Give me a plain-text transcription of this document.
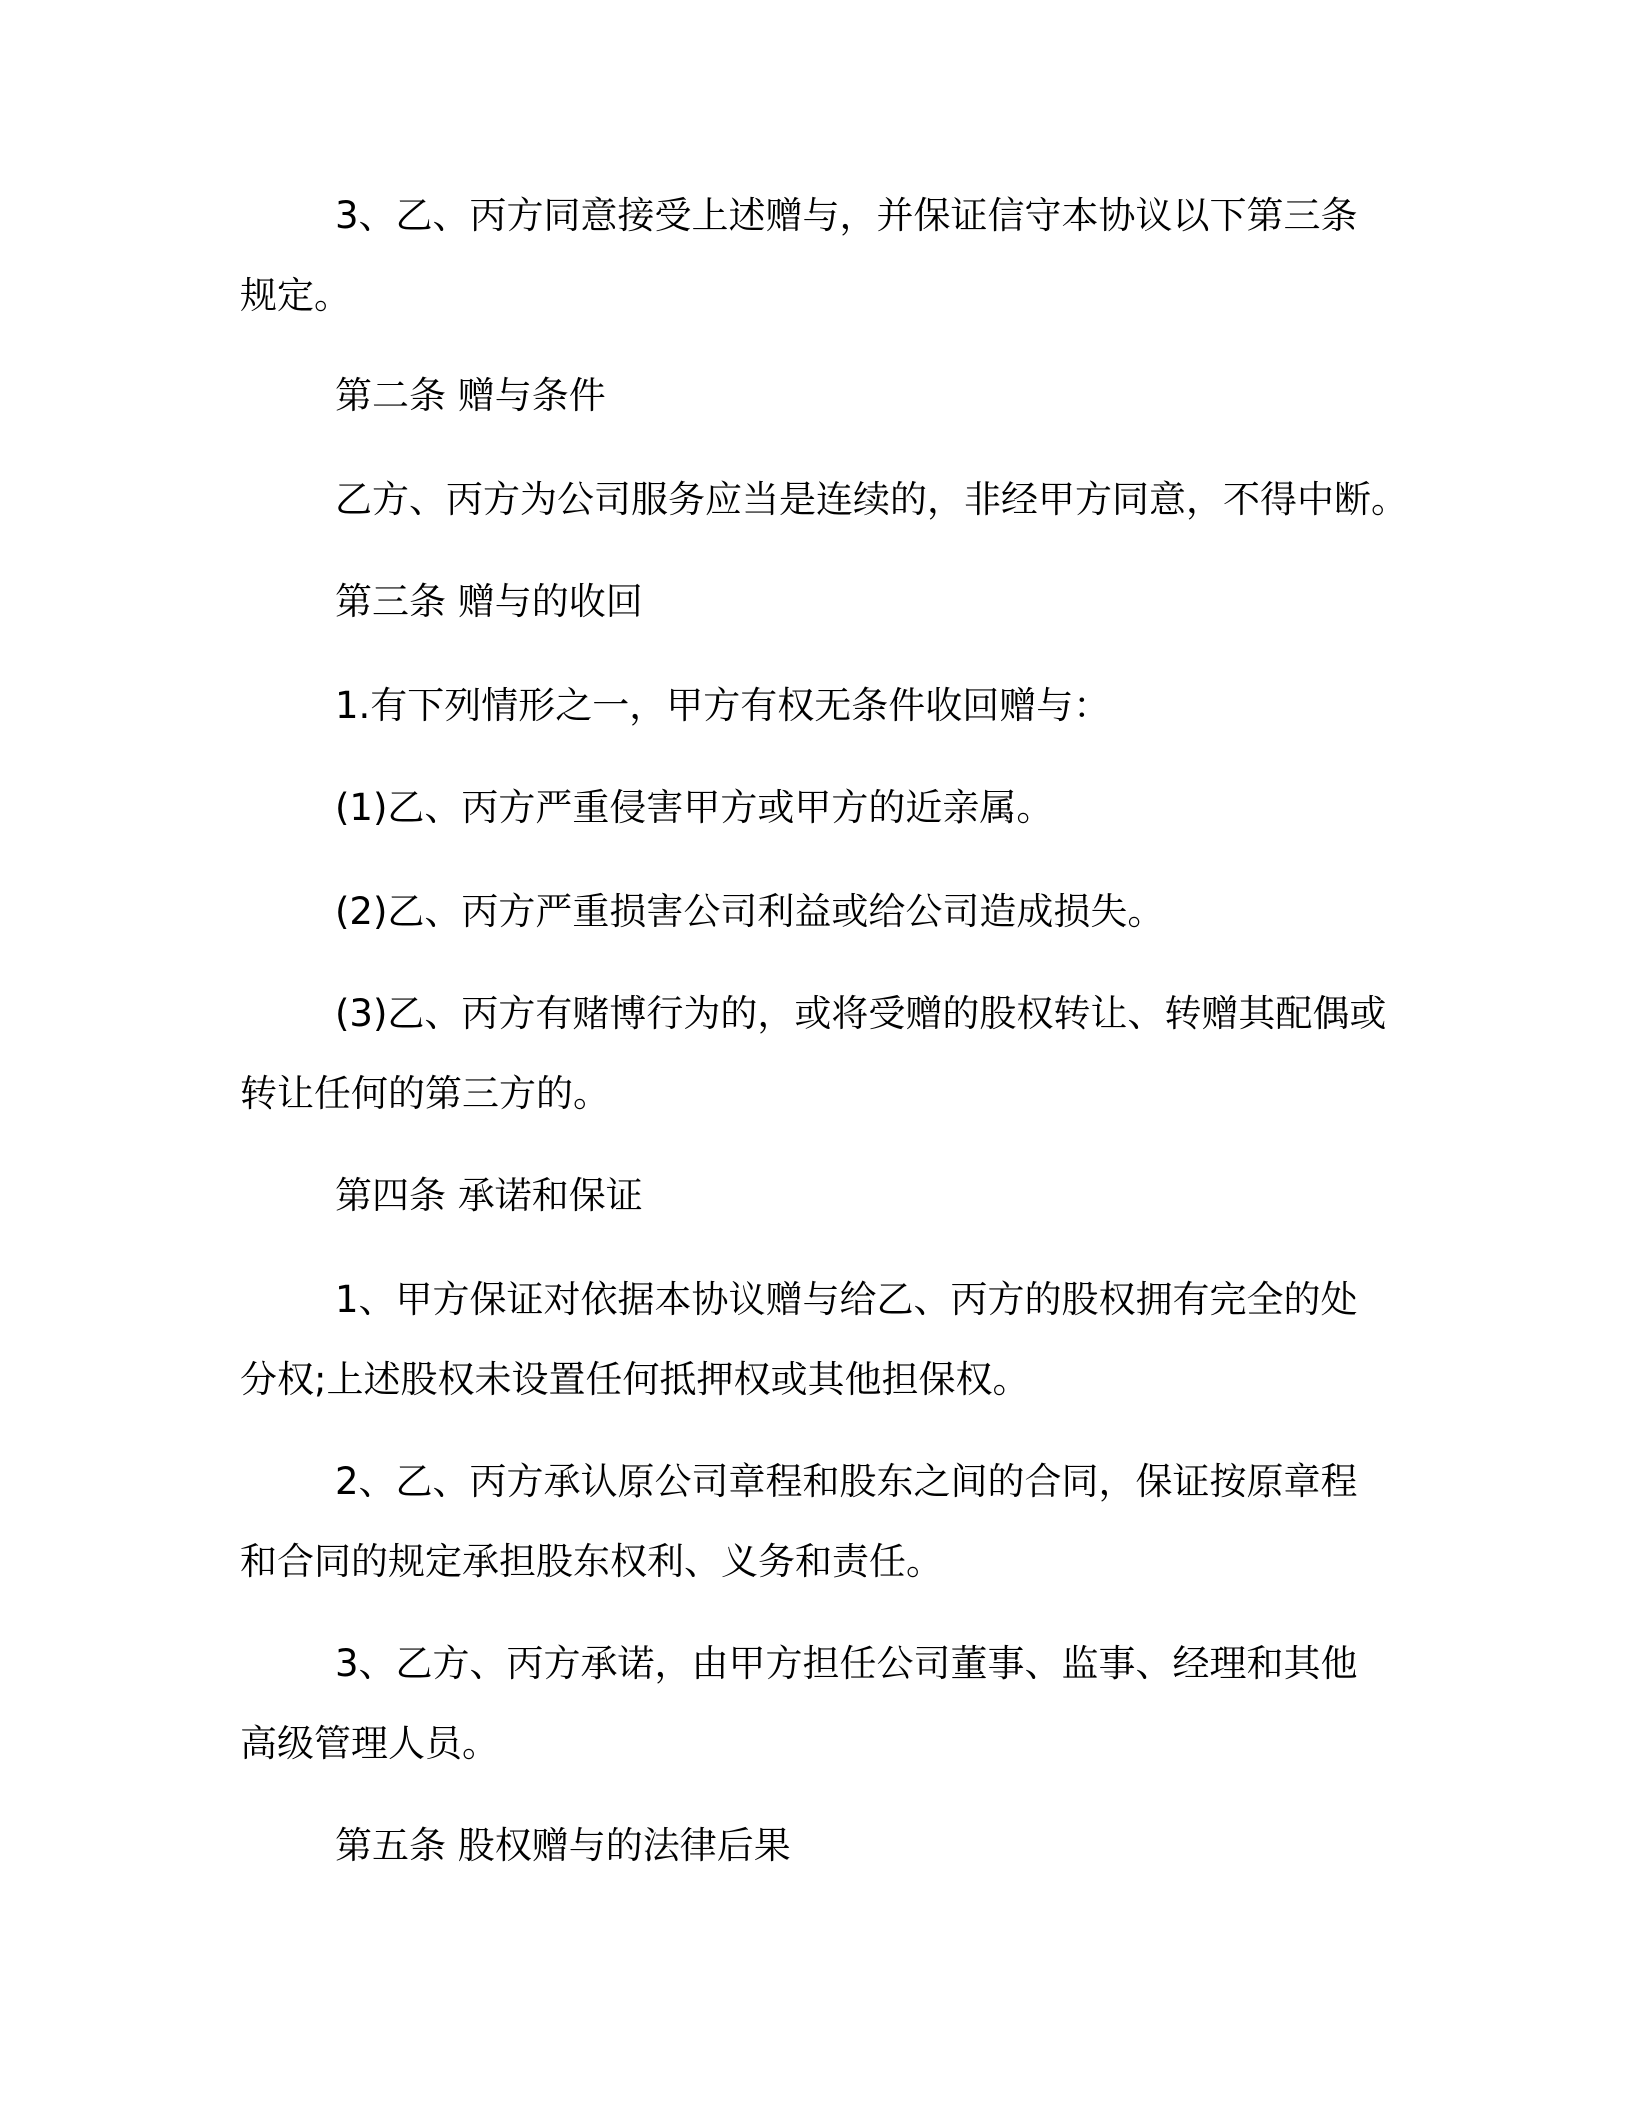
3、乙、丙方同意接受上述赠与，并保证信守本协议以下第三条
规定。
第二条 赠与条件
乙方、丙方为公司服务应当是连续的，非经甲方同意，不得中断。
第三条 赠与的收回
1.有下列情形之一，甲方有权无条件收回赠与：
(1)乙、丙方严重侵害甲方或甲方的近亲属。
(2)乙、丙方严重损害公司利益或给公司造成损失。
(3)乙、丙方有赌博行为的，或将受赠的股权转让、转赠其配偶或
转让任何的第三方的。
第四条 承诺和保证
1、甲方保证对依据本协议赠与给乙、丙方的股权拥有完全的处
分权;上述股权未设置任何抵押权或其他担保权。
2、乙、丙方承认原公司章程和股东之间的合同，保证按原章程
和合同的规定承担股东权利、义务和责任。
3、乙方、丙方承诺，由甲方担任公司董事、监事、经理和其他
高级管理人员。
第五条 股权赠与的法律后果
